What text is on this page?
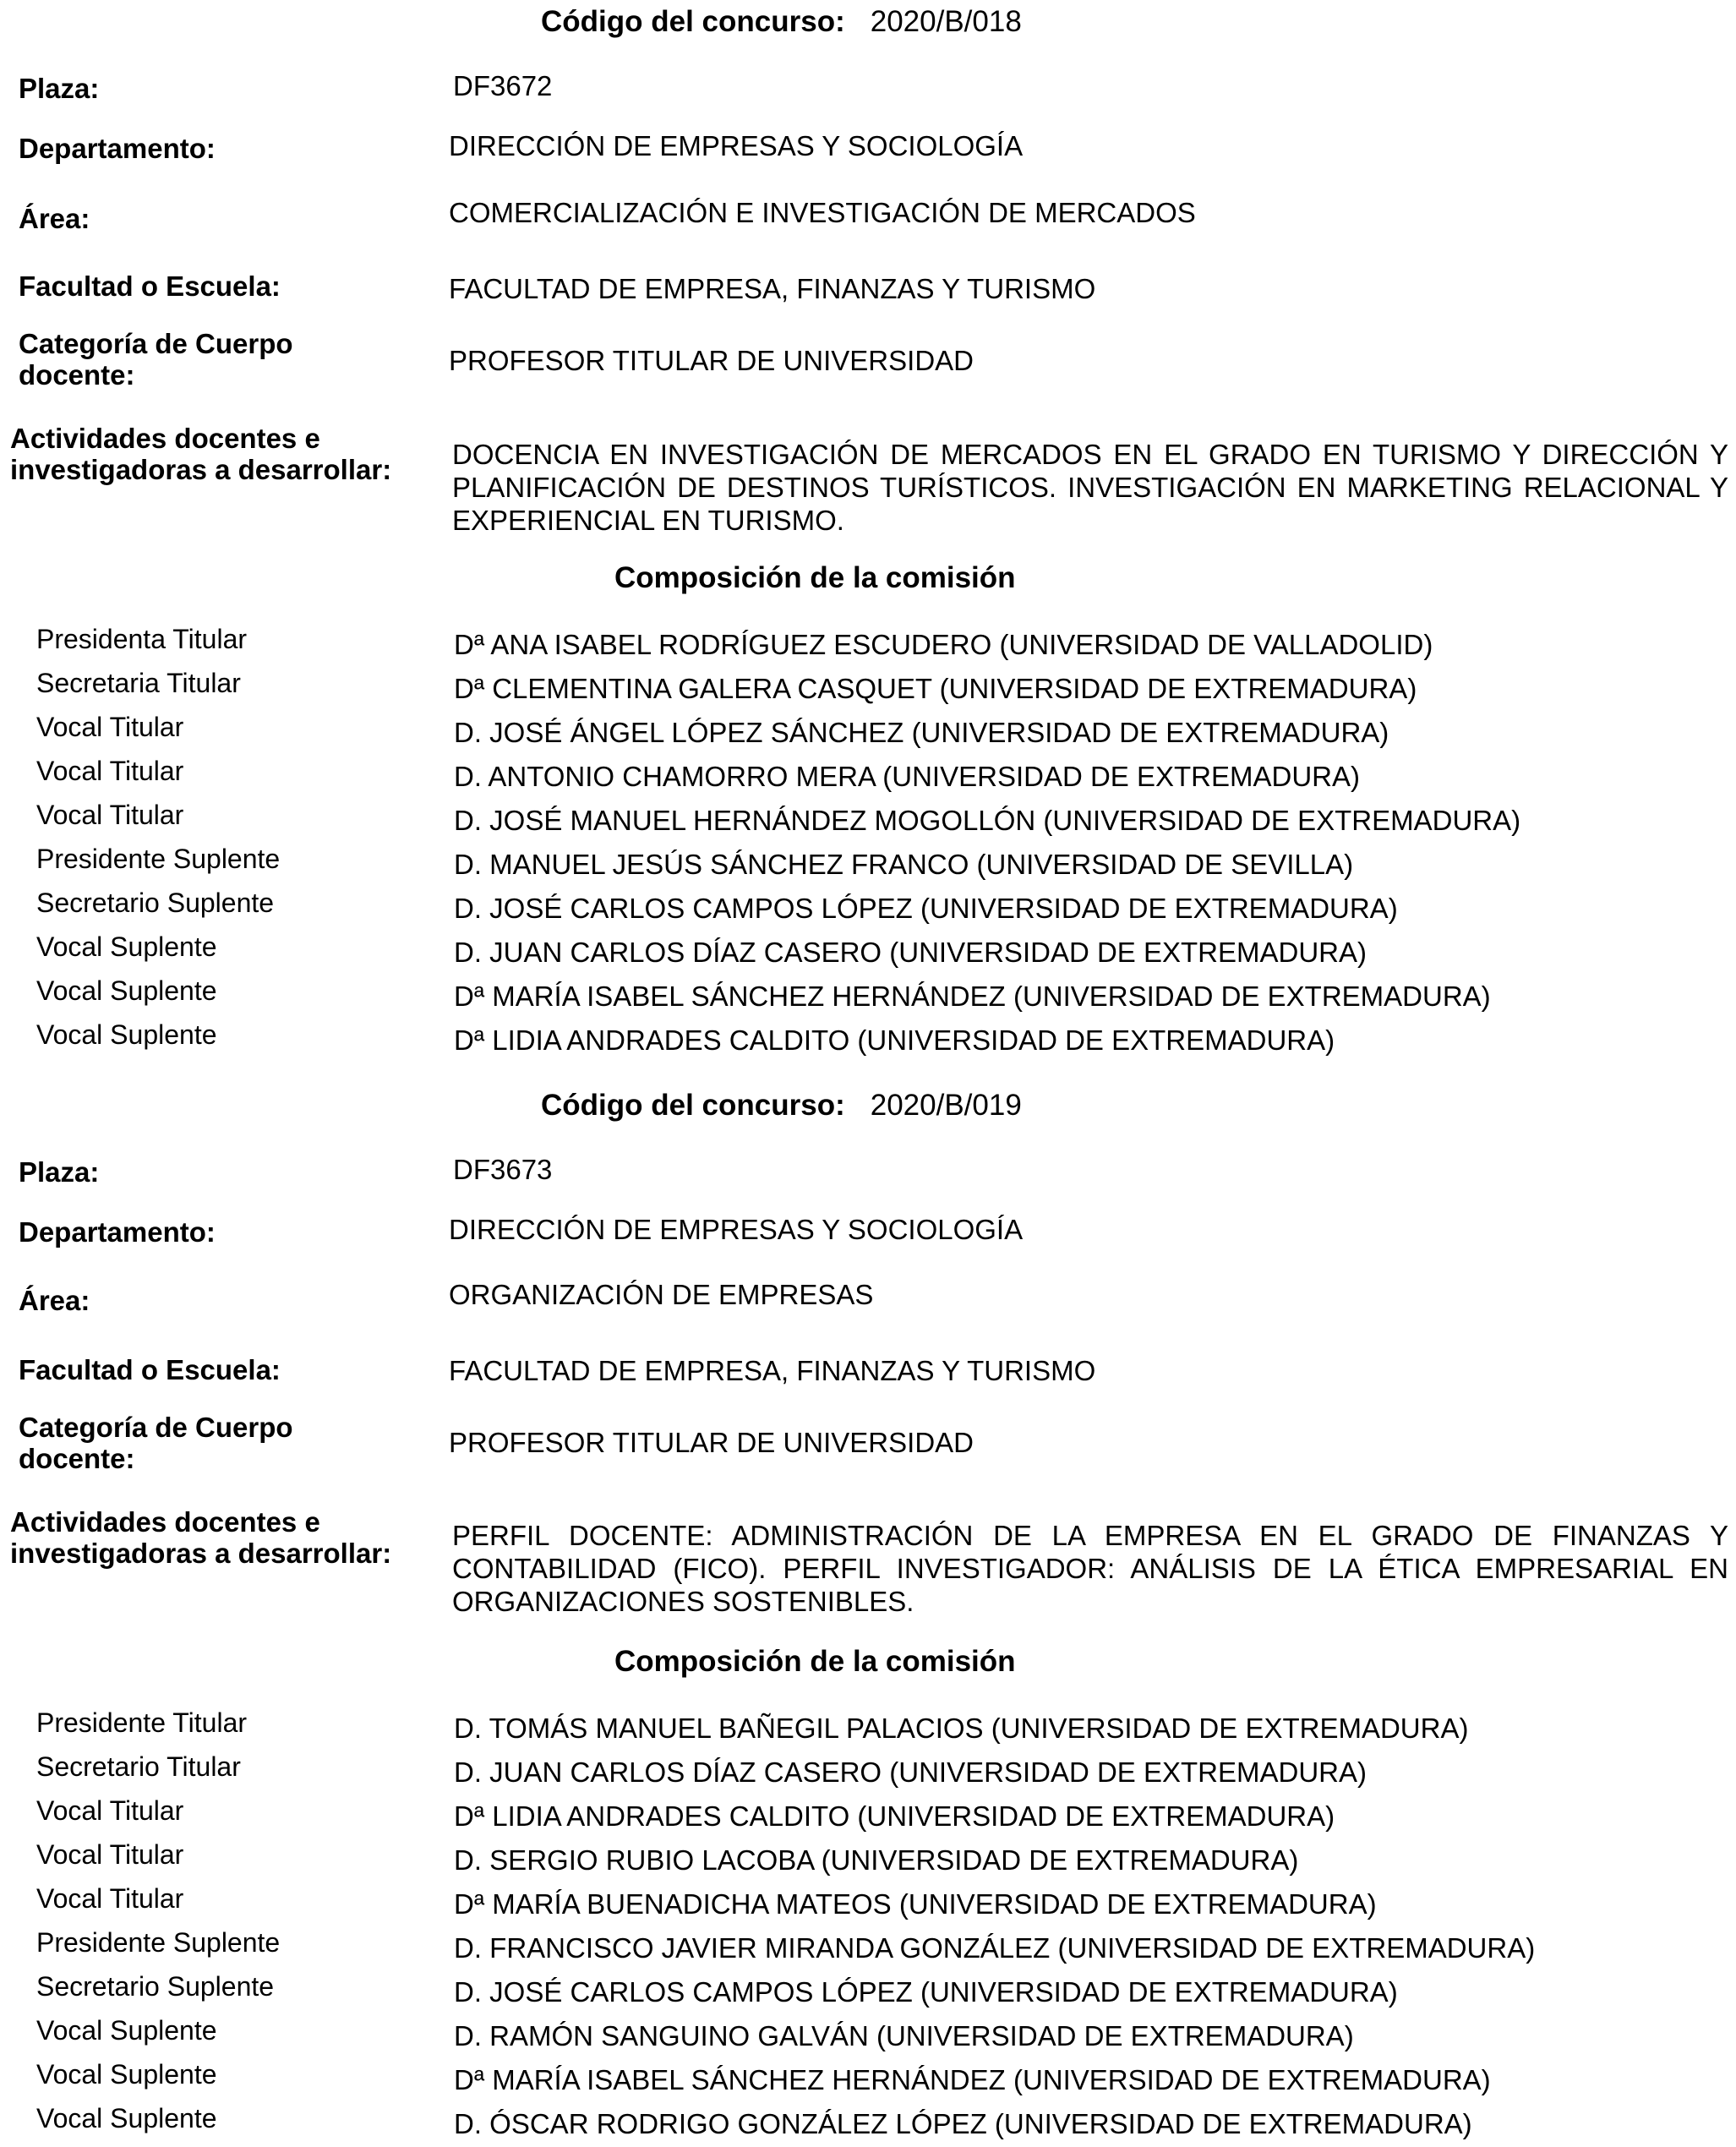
Código del concurso: 2020/B/018
Plaza:	DF3672
Departamento:	DIRECCIÓN DE EMPRESAS Y SOCIOLOGÍA
Área:	COMERCIALIZACIÓN E INVESTIGACIÓN DE MERCADOS
Facultad o Escuela:	FACULTAD DE EMPRESA, FINANZAS Y TURISMO
Categoría de Cuerpo
docente:	PROFESOR TITULAR DE UNIVERSIDAD
Actividades docentes e
investigadoras a desarrollar: DOCENCIA EN INVESTIGACIÓN DE MERCADOS EN EL GRADO EN TURISMO Y DIRECCIÓN Y PLANIFICACIÓN DE DESTINOS TURÍSTICOS. INVESTIGACIÓN EN MARKETING RELACIONAL Y EXPERIENCIAL EN TURISMO.
Composición de la comisión
Presidenta Titular	Dª ANA ISABEL RODRÍGUEZ ESCUDERO (UNIVERSIDAD DE VALLADOLID)
Secretaria Titular	Dª CLEMENTINA GALERA CASQUET (UNIVERSIDAD DE EXTREMADURA)
Vocal Titular	D. JOSÉ ÁNGEL LÓPEZ SÁNCHEZ (UNIVERSIDAD DE EXTREMADURA)
Vocal Titular	D. ANTONIO CHAMORRO MERA (UNIVERSIDAD DE EXTREMADURA)
Vocal Titular	D. JOSÉ MANUEL HERNÁNDEZ MOGOLLÓN (UNIVERSIDAD DE EXTREMADURA)
Presidente Suplente	D. MANUEL JESÚS SÁNCHEZ FRANCO (UNIVERSIDAD DE SEVILLA)
Secretario Suplente	D. JOSÉ CARLOS CAMPOS LÓPEZ (UNIVERSIDAD DE EXTREMADURA)
Vocal Suplente	D. JUAN CARLOS DÍAZ CASERO (UNIVERSIDAD DE EXTREMADURA)
Vocal Suplente	Dª MARÍA ISABEL SÁNCHEZ HERNÁNDEZ (UNIVERSIDAD DE EXTREMADURA)
Vocal Suplente	Dª LIDIA ANDRADES CALDITO (UNIVERSIDAD DE EXTREMADURA)
Código del concurso: 2020/B/019
Plaza:	DF3673
Departamento:	DIRECCIÓN DE EMPRESAS Y SOCIOLOGÍA
Área:	ORGANIZACIÓN DE EMPRESAS
Facultad o Escuela:	FACULTAD DE EMPRESA, FINANZAS Y TURISMO
Categoría de Cuerpo
docente:
PROFESOR TITULAR DE UNIVERSIDAD
Actividades docentes e
investigadoras a desarrollar:
PERFIL DOCENTE: ADMINISTRACIÓN DE LA EMPRESA EN EL GRADO DE FINANZAS Y CONTABILIDAD (FICO). PERFIL INVESTIGADOR: ANÁLISIS DE LA ÉTICA EMPRESARIAL EN ORGANIZACIONES SOSTENIBLES.
Composición de la comisión
Presidente Titular	D. TOMÁS MANUEL BAÑEGIL PALACIOS (UNIVERSIDAD DE EXTREMADURA)
Secretario Titular	D. JUAN CARLOS DÍAZ CASERO (UNIVERSIDAD DE EXTREMADURA)
Vocal Titular	Dª LIDIA ANDRADES CALDITO (UNIVERSIDAD DE EXTREMADURA)
Vocal Titular	D. SERGIO RUBIO LACOBA (UNIVERSIDAD DE EXTREMADURA)
Vocal Titular	Dª MARÍA BUENADICHA MATEOS (UNIVERSIDAD DE EXTREMADURA)
Presidente Suplente	D. FRANCISCO JAVIER MIRANDA GONZÁLEZ (UNIVERSIDAD DE EXTREMADURA)
Secretario Suplente	D. JOSÉ CARLOS CAMPOS LÓPEZ (UNIVERSIDAD DE EXTREMADURA)
Vocal Suplente	D. RAMÓN SANGUINO GALVÁN (UNIVERSIDAD DE EXTREMADURA)
Vocal Suplente	Dª MARÍA ISABEL SÁNCHEZ HERNÁNDEZ (UNIVERSIDAD DE EXTREMADURA)
Vocal Suplente	D. ÓSCAR RODRIGO GONZÁLEZ LÓPEZ (UNIVERSIDAD DE EXTREMADURA)
